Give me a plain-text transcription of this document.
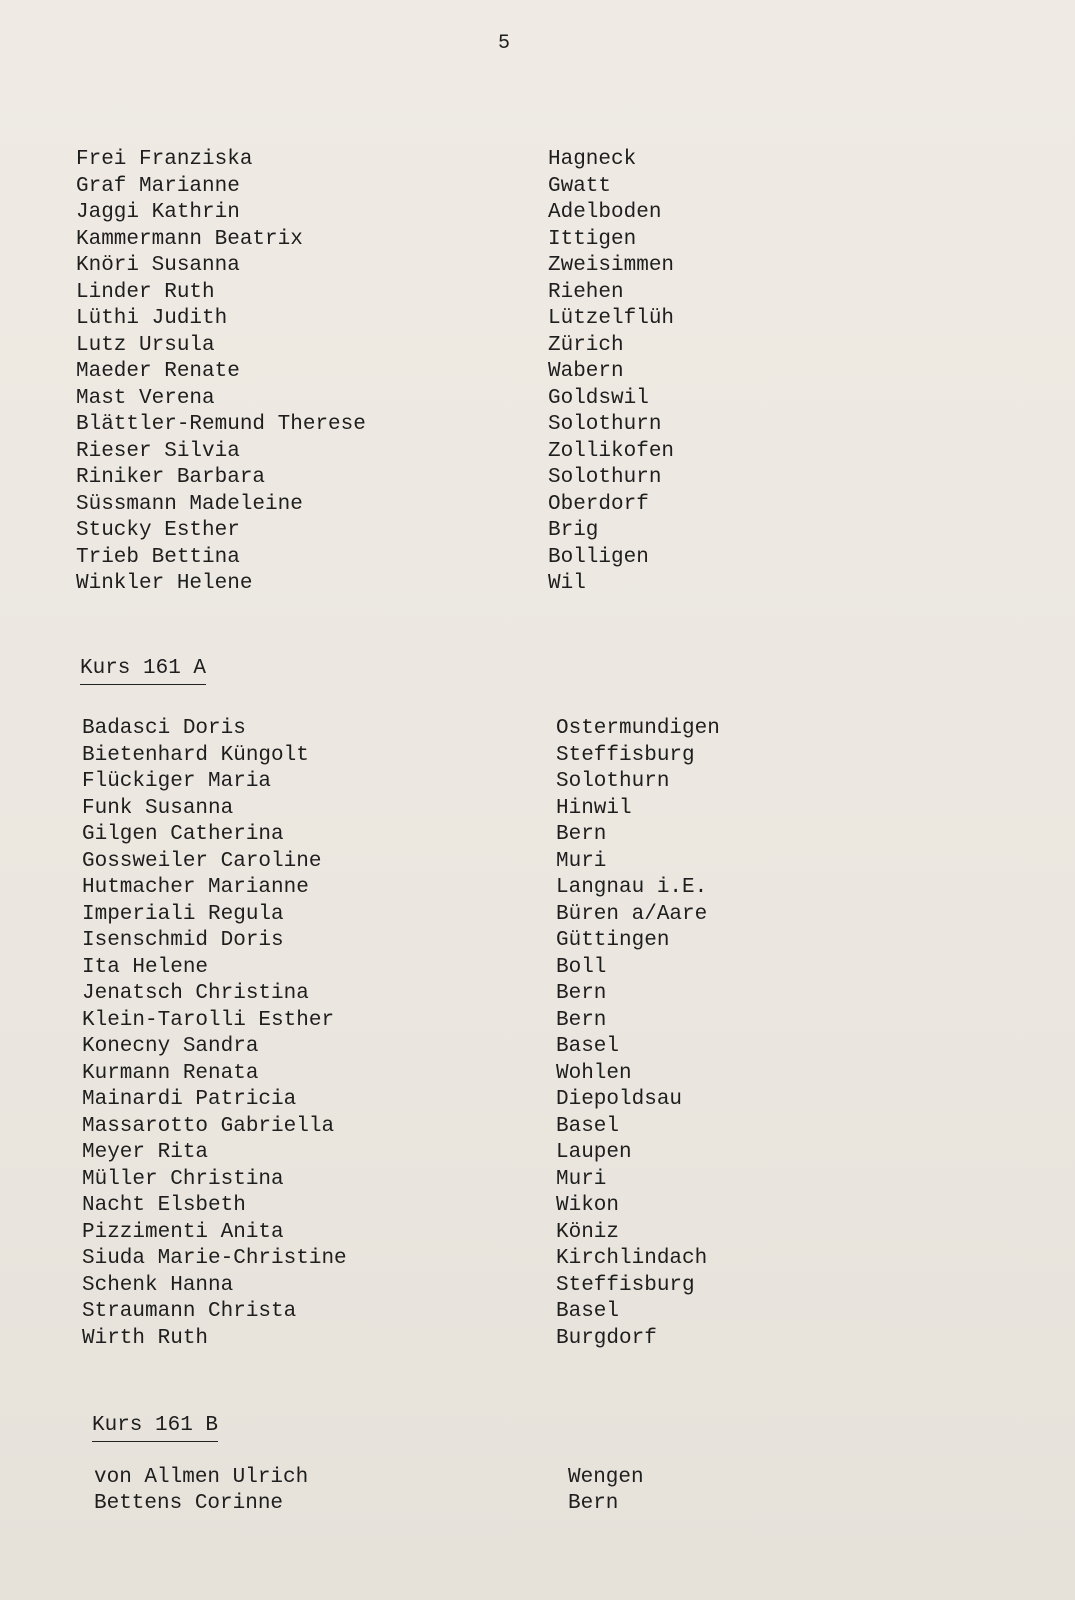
5
Frei Franziska	Hagneck
Graf Marianne	Gwatt
Jaggi Kathrin	Adelboden
Kammermann Beatrix	Ittigen
Knöri Susanna	Zweisimmen
Linder Ruth	Riehen
Lüthi Judith	Lützelflüh
Lutz Ursula	Zürich
Maeder Renate	Wabern
Mast Verena	Goldswil
Blättler-Remund Therese	Solothurn
Rieser Silvia	Zollikofen
Riniker Barbara	Solothurn
Süssmann Madeleine	Oberdorf
Stucky Esther	Brig
Trieb Bettina	Bolligen
Winkler Helene	Wil
Kurs 161 A
Badasci Doris	Ostermundigen
Bietenhard Küngolt	Steffisburg
Flückiger Maria	Solothurn
Funk Susanna	Hinwil
Gilgen Catherina	Bern
Gossweiler Caroline	Muri
Hutmacher Marianne	Langnau i.E.
Imperiali Regula	Büren a/Aare
Isenschmid Doris	Güttingen
Ita Helene	Boll
Jenatsch Christina	Bern
Klein-Tarolli Esther	Bern
Konecny Sandra	Basel
Kurmann Renata	Wohlen
Mainardi Patricia	Diepoldsau
Massarotto Gabriella	Basel
Meyer Rita	Laupen
Müller Christina	Muri
Nacht Elsbeth	Wikon
Pizzimenti Anita	Köniz
Siuda Marie-Christine	Kirchlindach
Schenk Hanna	Steffisburg
Straumann Christa	Basel
Wirth Ruth	Burgdorf
Kurs 161 B
von Allmen Ulrich	Wengen
Bettens Corinne	Bern
